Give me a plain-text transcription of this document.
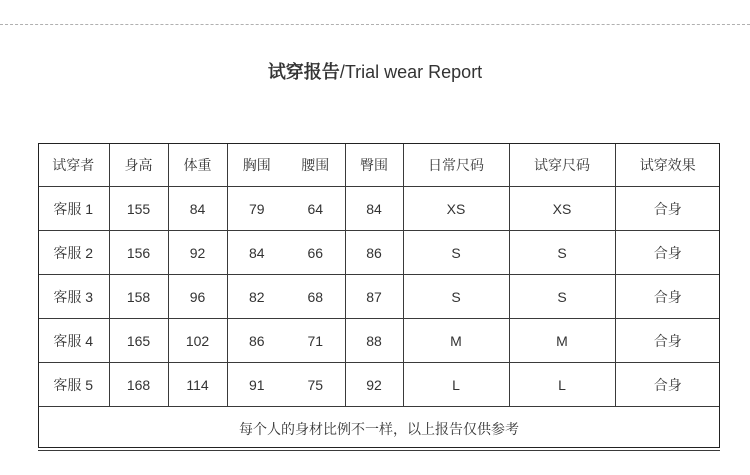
试穿报告/Trial wear Report
试穿者	身高	体重	胸围	腰围	臀围	日常尺码	试穿尺码	试穿效果
客服 1	155	84	79	64	84	XS	XS	合身
客服 2	156	92	84	66	86	S	S	合身
客服 3	158	96	82	68	87	S	S	合身
客服 4	165	102	86	71	88	M	M	合身
客服 5	168	114	91	75	92	L	L	合身
每个人的身材比例不一样，以上报告仅供参考								
